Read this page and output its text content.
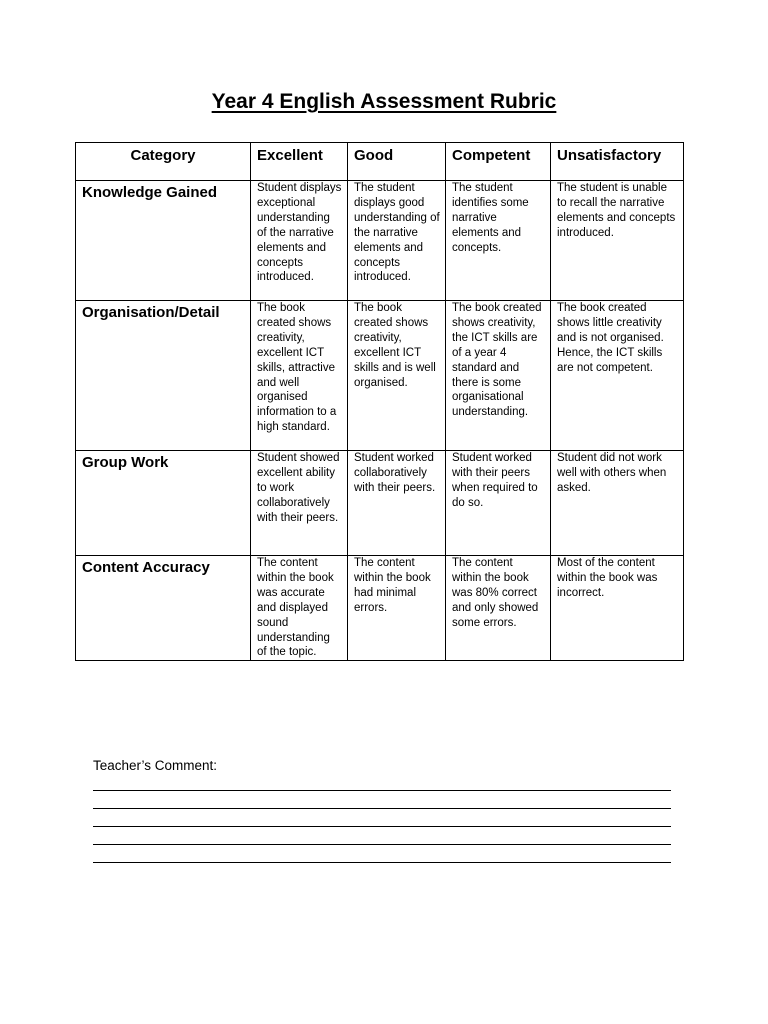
Year 4 English Assessment Rubric
Category	Excellent	Good	Competent	Unsatisfactory

Knowledge Gained	Student displays exceptional understanding of the narrative elements and concepts introduced.	The student displays good understanding of the narrative elements and concepts introduced.	The student identifies some narrative elements and concepts.	The student is unable to recall the narrative elements and concepts introduced.

Organisation/Detail	The book created shows creativity, excellent ICT skills, attractive and well organised information to a high standard.	The book created shows creativity, excellent ICT skills and is well organised.	The book created shows creativity, the ICT skills are of a year 4 standard and there is some organisational understanding.	The book created shows little creativity and is not organised. Hence, the ICT skills are not competent.

Group Work	Student showed excellent ability to work collaboratively with their peers.	Student worked collaboratively with their peers.	Student worked with their peers when required to do so.	Student did not work well with others when asked.

Content Accuracy	The content within the book was accurate and displayed sound understanding of the topic.	The content within the book had minimal errors.	The content within the book was 80% correct and only showed some errors.	Most of the content within the book was incorrect.
Teacher’s Comment:
